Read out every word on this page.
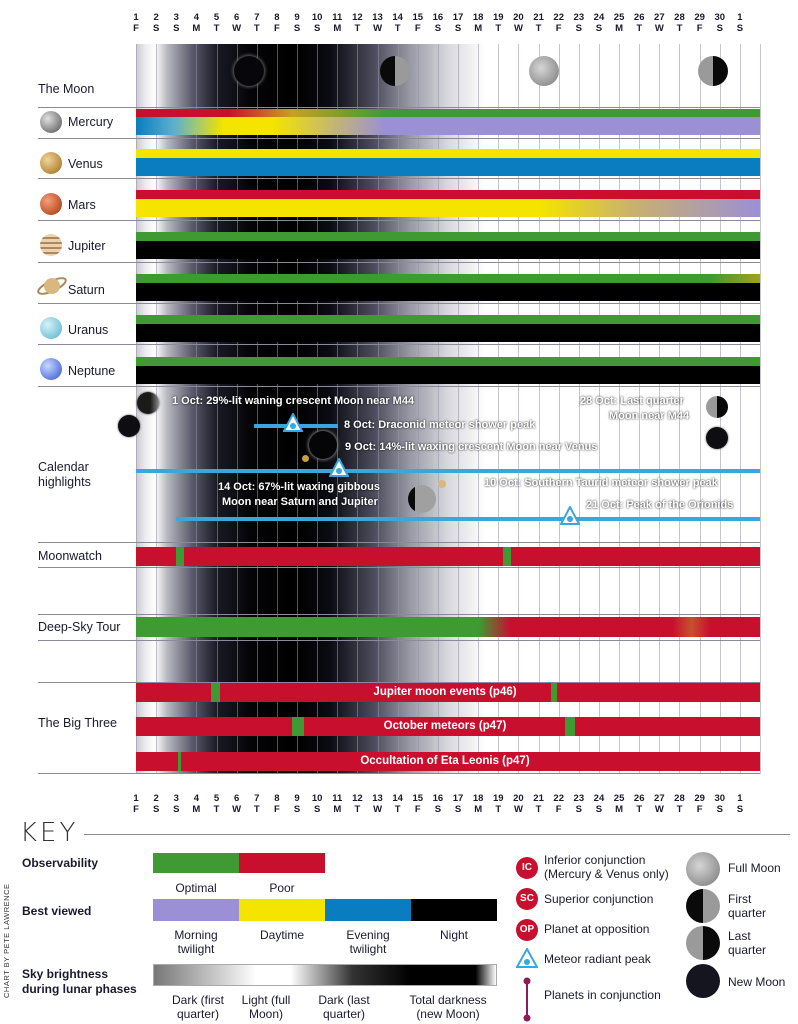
1
F
2
S
3
S
4
M
5
T
6
W
7
T
8
F
9
S
10
S
11
M
12
T
13
W
14
T
15
F
16
S
17
S
18
M
19
T
20
W
21
T
22
F
23
S
24
S
25
M
26
T
27
W
28
T
29
F
30
S
1
S
1
F
2
S
3
S
4
M
5
T
6
W
7
T
8
F
9
S
10
S
11
M
12
T
13
W
14
T
15
F
16
S
17
S
18
M
19
T
20
W
21
T
22
F
23
S
24
S
25
M
26
T
27
W
28
T
29
F
30
S
1
S
The Moon
Mercury
Venus
Mars
Jupiter
Saturn
Uranus
Neptune
Calendar highlights
Moonwatch
Deep-Sky Tour
The Big Three
1 Oct: 29%-lit waning crescent Moon near M44
8 Oct: Draconid meteor shower peak
9 Oct: 14%-lit waxing crescent Moon near Venus
14 Oct: 67%-lit waxing gibbous
Moon near Saturn and Jupiter
10 Oct: Southern Taurid meteor shower peak
21 Oct: Peak of the Orionids
28 Oct: Last quarter
Moon near M44
Jupiter moon events (p46)
October meteors (p47)
Occultation of Eta Leonis (p47)
KEY
CHART BY PETE LAWRENCE
Observability
Optimal	Poor
Best viewed
Morning twilight
Daytime	Evening twilight
Night
Sky brightness during lunar phases
Dark (first quarter)
Light (full Moon)
Dark (last quarter)
Total darkness (new Moon)
IC
Inferior conjunction (Mercury & Venus only)
SC Superior conjunction
OP Planet at opposition
Meteor radiant peak
Planets in conjunction
Full Moon
First quarter
Last quarter
New Moon
